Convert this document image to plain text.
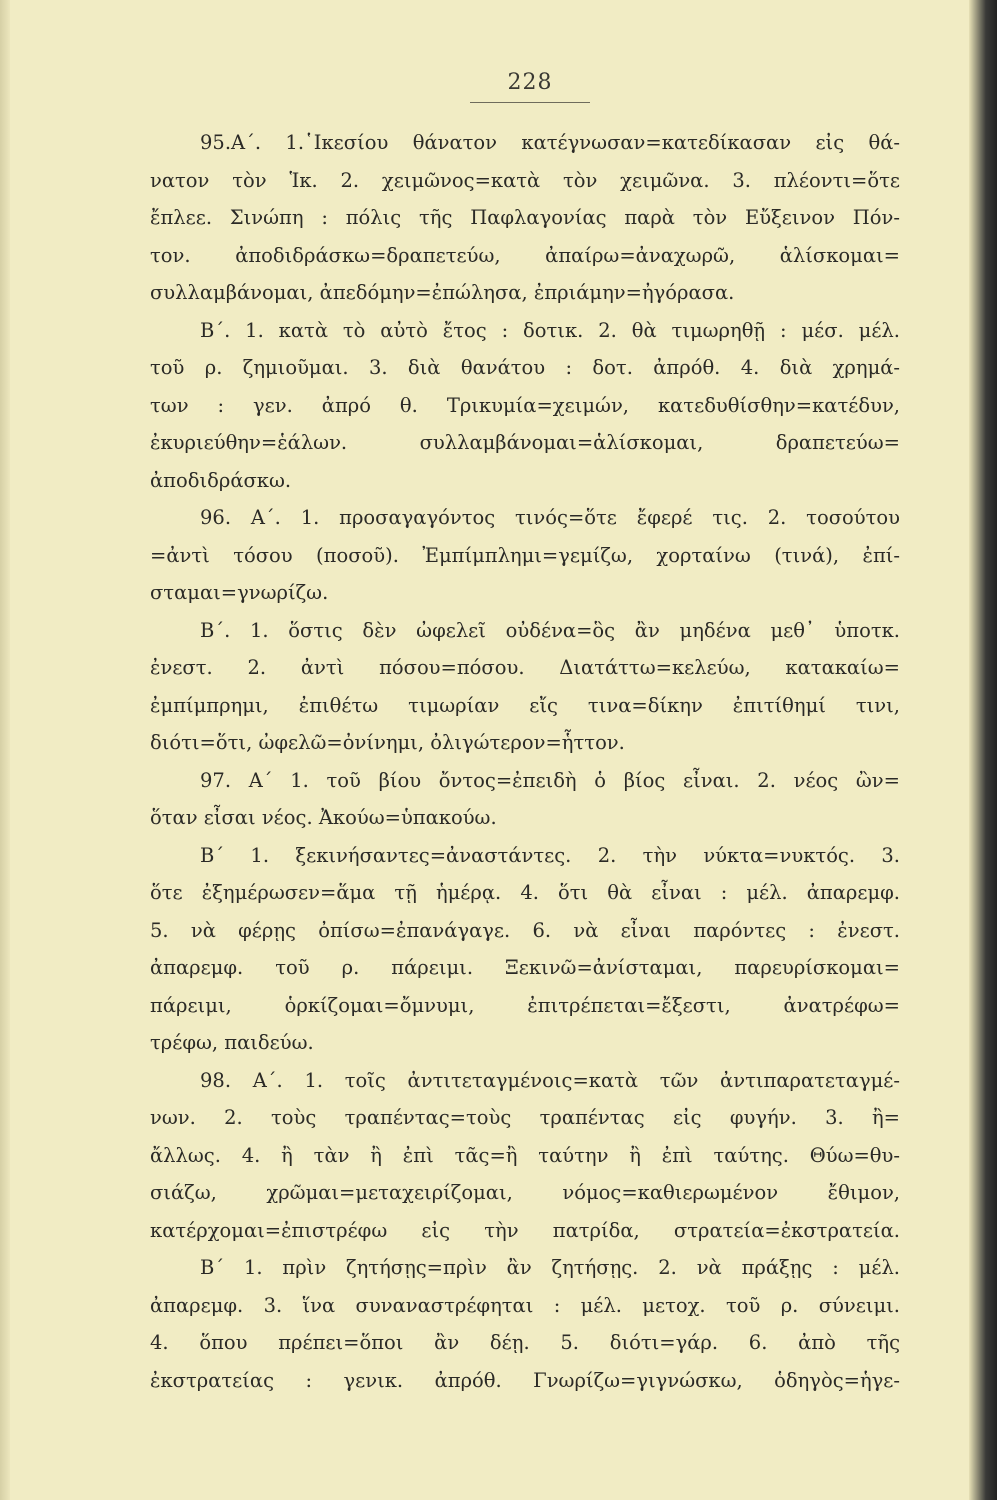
228
95.Α΄. 1.῾Ικεσίου θάνατον κατέγνωσαν=κατεδίκασαν εἰς θά-
νατον τὸν Ἱκ. 2. χειμῶνος=κατὰ τὸν χειμῶνα. 3. πλέοντι=ὅτε
ἔπλεε. Σινώπη : πόλις τῆς Παφλαγονίας παρὰ τὸν Εὔξεινον Πόν-
τον. ἀποδιδράσκω=δραπετεύω, ἀπαίρω=ἀναχωρῶ, ἁλίσκομαι=
συλλαμβάνομαι, ἀπεδόμην=ἐπώλησα, ἐπριάμην=ἠγόρασα.
Β΄. 1. κατὰ τὸ αὐτὸ ἔτος : δοτικ. 2. θὰ τιμωρηθῇ : μέσ. μέλ.
τοῦ ρ. ζημιοῦμαι. 3. διὰ θανάτου : δοτ. ἀπρόθ. 4. διὰ χρημά-
των : γεν. ἀπρό θ. Τρικυμία=χειμών, κατεδυθίσθην=κατέδυν,
ἐκυριεύθην=ἑάλων. συλλαμβάνομαι=ἁλίσκομαι, δραπετεύω=
ἀποδιδράσκω.
96. Α΄. 1. προσαγαγόντος τινός=ὅτε ἔφερέ τις. 2. τοσούτου
=ἀντὶ τόσου (ποσοῦ). Ἐμπίμπλημι=γεμίζω, χορταίνω (τινά), ἐπί-
σταμαι=γνωρίζω.
Β΄. 1. ὅστις δὲν ὠφελεῖ οὐδένα=ὃς ἂν μηδένα μεθ᾿ ὑποτκ.
ἐνεστ. 2. ἀντὶ πόσου=πόσου. Διατάττω=κελεύω, κατακαίω=
ἐμπίμπρημι, ἐπιθέτω τιμωρίαν εἴς τινα=δίκην ἐπιτίθημί τινι,
διότι=ὅτι, ὠφελῶ=ὀνίνημι, ὀλιγώτερον=ἧττον.
97. Α΄ 1. τοῦ βίου ὄντος=ἐπειδὴ ὁ βίος εἶναι. 2. νέος ὢν=
ὅταν εἶσαι νέος. Ἀκούω=ὑπακούω.
Β΄ 1. ξεκινήσαντες=ἀναστάντες. 2. τὴν νύκτα=νυκτός. 3.
ὅτε ἐξημέρωσεν=ἅμα τῇ ἡμέρᾳ. 4. ὅτι θὰ εἶναι : μέλ. ἀπαρεμφ.
5. νὰ φέρῃς ὀπίσω=ἐπανάγαγε. 6. νὰ εἶναι παρόντες : ἐνεστ.
ἀπαρεμφ. τοῦ ρ. πάρειμι. Ξεκινῶ=ἀνίσταμαι, παρευρίσκομαι=
πάρειμι, ὁρκίζομαι=ὄμνυμι, ἐπιτρέπεται=ἔξεστι, ἀνατρέφω=
τρέφω, παιδεύω.
98. Α΄. 1. τοῖς ἀντιτεταγμένοις=κατὰ τῶν ἀντιπαρατεταγμέ-
νων. 2. τοὺς τραπέντας=τοὺς τραπέντας εἰς φυγήν. 3. ἢ=
ἄλλως. 4. ἢ τὰν ἢ ἐπὶ τᾶς=ἢ ταύτην ἢ ἐπὶ ταύτης. Θύω=θυ-
σιάζω, χρῶμαι=μεταχειρίζομαι, νόμος=καθιερωμένον ἔθιμον,
κατέρχομαι=ἐπιστρέφω εἰς τὴν πατρίδα, στρατεία=ἐκστρατεία.
Β΄ 1. πρὶν ζητήσῃς=πρὶν ἂν ζητήσῃς. 2. νὰ πράξῃς : μέλ.
ἀπαρεμφ. 3. ἵνα συναναστρέφηται : μέλ. μετοχ. τοῦ ρ. σύνειμι.
4. ὅπου πρέπει=ὅποι ἂν δέῃ. 5. διότι=γάρ. 6. ἀπὸ τῆς
ἐκστρατείας : γενικ. ἀπρόθ. Γνωρίζω=γιγνώσκω, ὁδηγὸς=ἡγε-
